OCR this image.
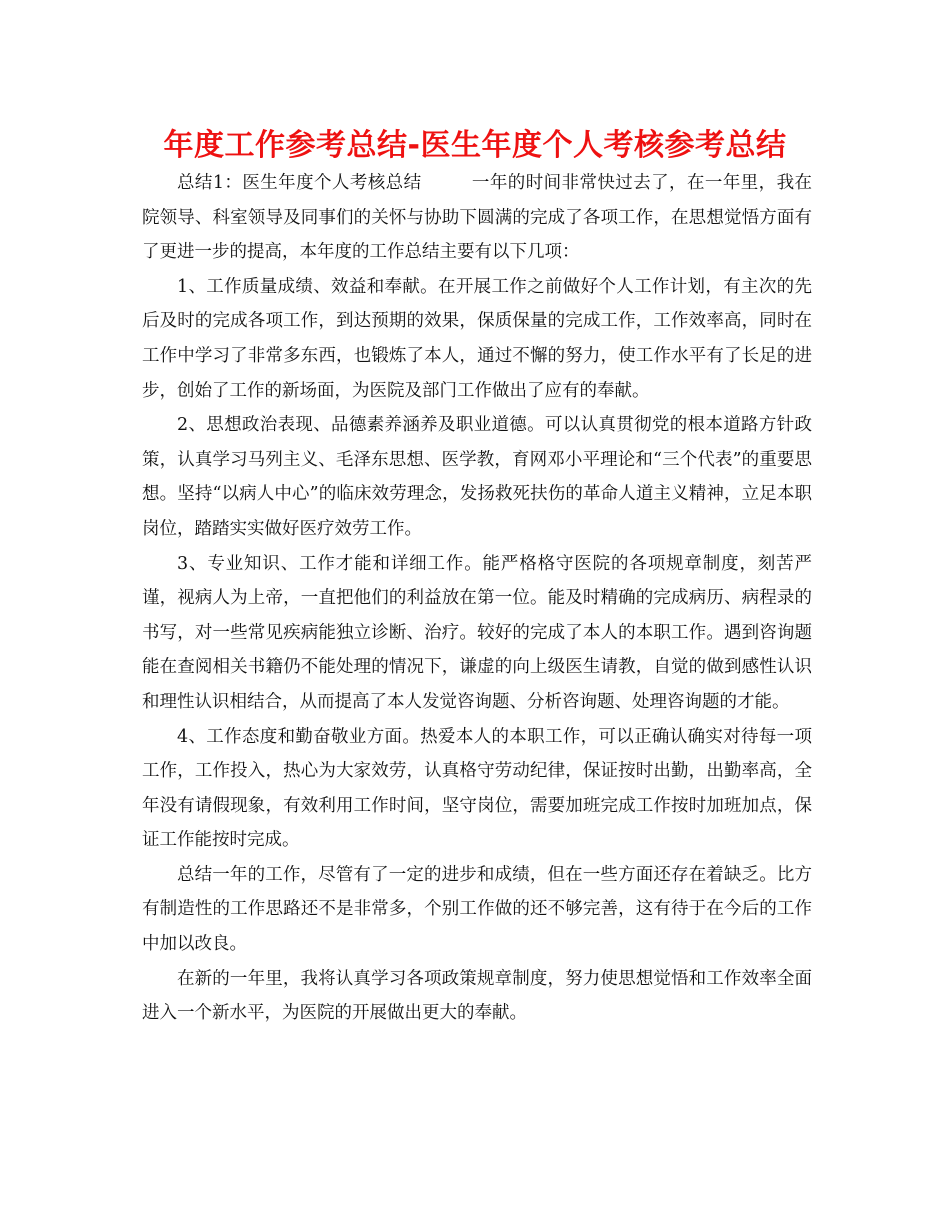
年度工作参考总结-医生年度个人考核参考总结

总结1：医生年度个人考核总结	一年的时间非常快过去了，在一年里，我在院领导、科室领导及同事们的关怀与协助下圆满的完成了各项工作，在思想觉悟方面有了更进一步的提高，本年度的工作总结主要有以下几项：

1、工作质量成绩、效益和奉献。在开展工作之前做好个人工作计划，有主次的先后及时的完成各项工作，到达预期的效果，保质保量的完成工作，工作效率高，同时在工作中学习了非常多东西，也锻炼了本人，通过不懈的努力，使工作水平有了长足的进步，创始了工作的新场面，为医院及部门工作做出了应有的奉献。

2、思想政治表现、品德素养涵养及职业道德。可以认真贯彻党的根本道路方针政策，认真学习马列主义、毛泽东思想、医学教，育网邓小平理论和“三个代表”的重要思想。坚持“以病人中心”的临床效劳理念，发扬救死扶伤的革命人道主义精神，立足本职岗位，踏踏实实做好医疗效劳工作。

3、专业知识、工作才能和详细工作。能严格格守医院的各项规章制度，刻苦严谨，视病人为上帝，一直把他们的利益放在第一位。能及时精确的完成病历、病程录的书写，对一些常见疾病能独立诊断、治疗。较好的完成了本人的本职工作。遇到咨询题能在查阅相关书籍仍不能处理的情况下，谦虚的向上级医生请教，自觉的做到感性认识和理性认识相结合，从而提高了本人发觉咨询题、分析咨询题、处理咨询题的才能。

4、工作态度和勤奋敬业方面。热爱本人的本职工作，可以正确认确实对待每一项工作，工作投入，热心为大家效劳，认真格守劳动纪律，保证按时出勤，出勤率高，全年没有请假现象，有效利用工作时间，坚守岗位，需要加班完成工作按时加班加点，保证工作能按时完成。

总结一年的工作，尽管有了一定的进步和成绩，但在一些方面还存在着缺乏。比方有制造性的工作思路还不是非常多，个别工作做的还不够完善，这有待于在今后的工作中加以改良。

在新的一年里，我将认真学习各项政策规章制度，努力使思想觉悟和工作效率全面进入一个新水平，为医院的开展做出更大的奉献。
